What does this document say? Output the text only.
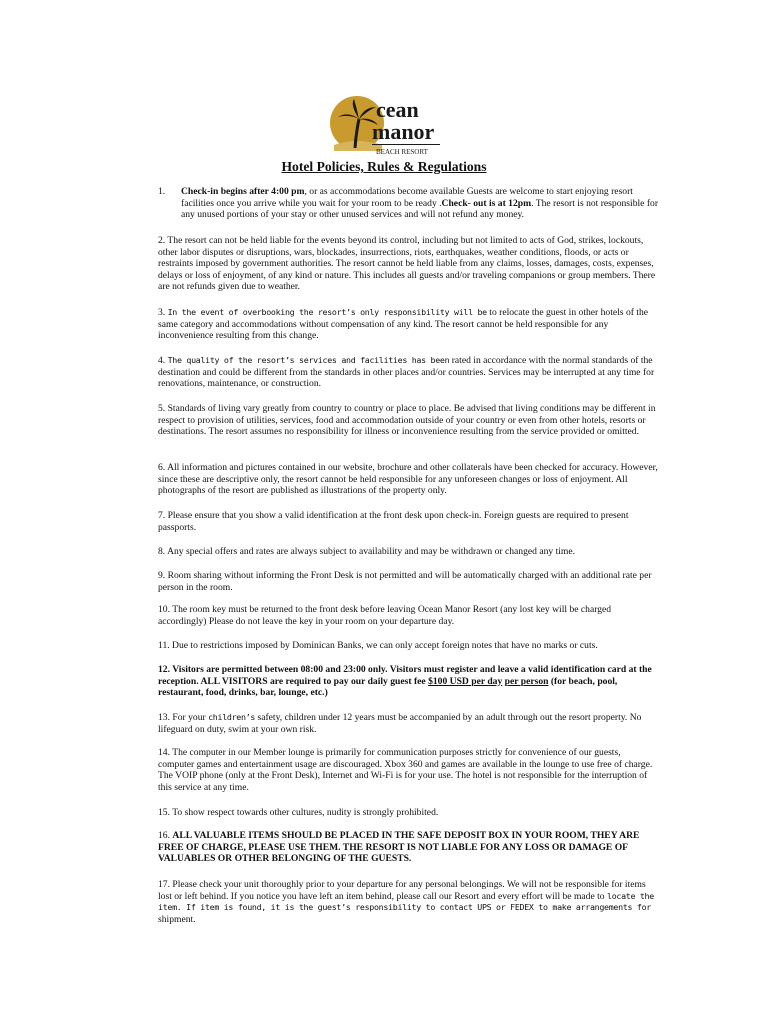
cean
manor
BEACH RESORT
Hotel Policies, Rules & Regulations
1. Check-in begins after 4:00 pm, or as accommodations become available Guests are welcome to start enjoying resort facilities once you arrive while you wait for your room to be ready .Check- out is at 12pm. The resort is not responsible for any unused portions of your stay or other unused services and will not refund any money.

2. The resort can not be held liable for the events beyond its control, including but not limited to acts of God, strikes, lockouts, other labor disputes or disruptions, wars, blockades, insurrections, riots, earthquakes, weather conditions, floods, or acts or restraints imposed by government authorities. The resort cannot be held liable from any claims, losses, damages, costs, expenses, delays or loss of enjoyment, of any kind or nature. This includes all guests and/or traveling companions or group members. There are not refunds given due to weather.

3. In the event of overbooking the resort’s only responsibility will be to relocate the guest in other hotels of the same category and accommodations without compensation of any kind. The resort cannot be held responsible for any inconvenience resulting from this change.

4. The quality of the resort’s services and facilities has been rated in accordance with the normal standards of the destination and could be different from the standards in other places and/or countries. Services may be interrupted at any time for renovations, maintenance, or construction.

5. Standards of living vary greatly from country to country or place to place. Be advised that living conditions may be different in respect to provision of utilities, services, food and accommodation outside of your country or even from other hotels, resorts or destinations. The resort assumes no responsibility for illness or inconvenience resulting from the service provided or omitted.

6. All information and pictures contained in our website, brochure and other collaterals have been checked for accuracy. However, since these are descriptive only, the resort cannot be held responsible for any unforeseen changes or loss of enjoyment. All photographs of the resort are published as illustrations of the property only.

7. Please ensure that you show a valid identification at the front desk upon check-in. Foreign guests are required to present passports.

8. Any special offers and rates are always subject to availability and may be withdrawn or changed any time.

9. Room sharing without informing the Front Desk is not permitted and will be automatically charged with an additional rate per person in the room.

10. The room key must be returned to the front desk before leaving Ocean Manor Resort (any lost key will be charged accordingly) Please do not leave the key in your room on your departure day.

11. Due to restrictions imposed by Dominican Banks, we can only accept foreign notes that have no marks or cuts.

12. Visitors are permitted between 08:00 and 23:00 only. Visitors must register and leave a valid identification card at the reception. ALL VISITORS are required to pay our daily guest fee $100 USD per day per person (for beach, pool, restaurant, food, drinks, bar, lounge, etc.)

13. For your children’s safety, children under 12 years must be accompanied by an adult through out the resort property. No lifeguard on duty, swim at your own risk.

14. The computer in our Member lounge is primarily for communication purposes strictly for convenience of our guests, computer games and entertainment usage are discouraged. Xbox 360 and games are available in the lounge to use free of charge. The VOIP phone (only at the Front Desk), Internet and Wi-Fi is for your use. The hotel is not responsible for the interruption of this service at any time.

15. To show respect towards other cultures, nudity is strongly prohibited.

16. ALL VALUABLE ITEMS SHOULD BE PLACED IN THE SAFE DEPOSIT BOX IN YOUR ROOM, THEY ARE FREE OF CHARGE, PLEASE USE THEM. THE RESORT IS NOT LIABLE FOR ANY LOSS OR DAMAGE OF VALUABLES OR OTHER BELONGING OF THE GUESTS.

17. Please check your unit thoroughly prior to your departure for any personal belongings. We will not be responsible for items lost or left behind. If you notice you have left an item behind, please call our Resort and every effort will be made to locate the item. If item is found, it is the guest’s responsibility to contact UPS or FEDEX to make arrangements for shipment.
